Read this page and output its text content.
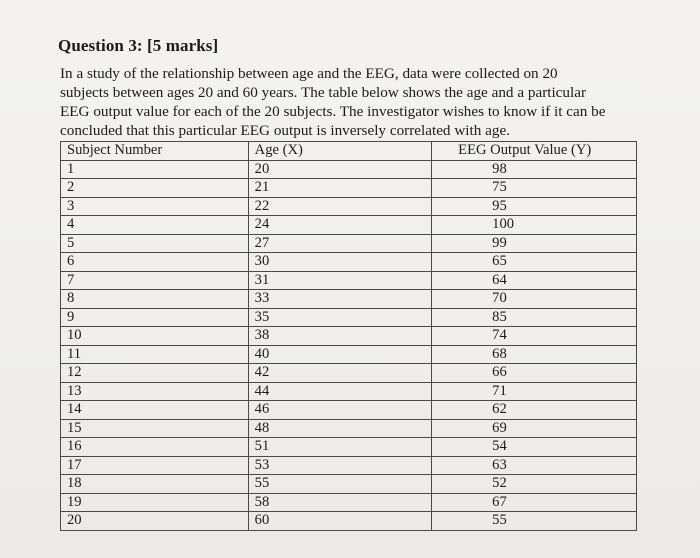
Question 3: [5 marks]
In a study of the relationship between age and the EEG, data were collected on 20
subjects between ages 20 and 60 years. The table below shows the age and a particular
EEG output value for each of the 20 subjects. The investigator wishes to know if it can be
concluded that this particular EEG output is inversely correlated with age.
Subject Number	Age (X)	EEG Output Value (Y)
1	20	98
2	21	75
3	22	95
4	24	100
5	27	99
6	30	65
7	31	64
8	33	70
9	35	85
10	38	74
11	40	68
12	42	66
13	44	71
14	46	62
15	48	69
16	51	54
17	53	63
18	55	52
19	58	67
20	60	55
